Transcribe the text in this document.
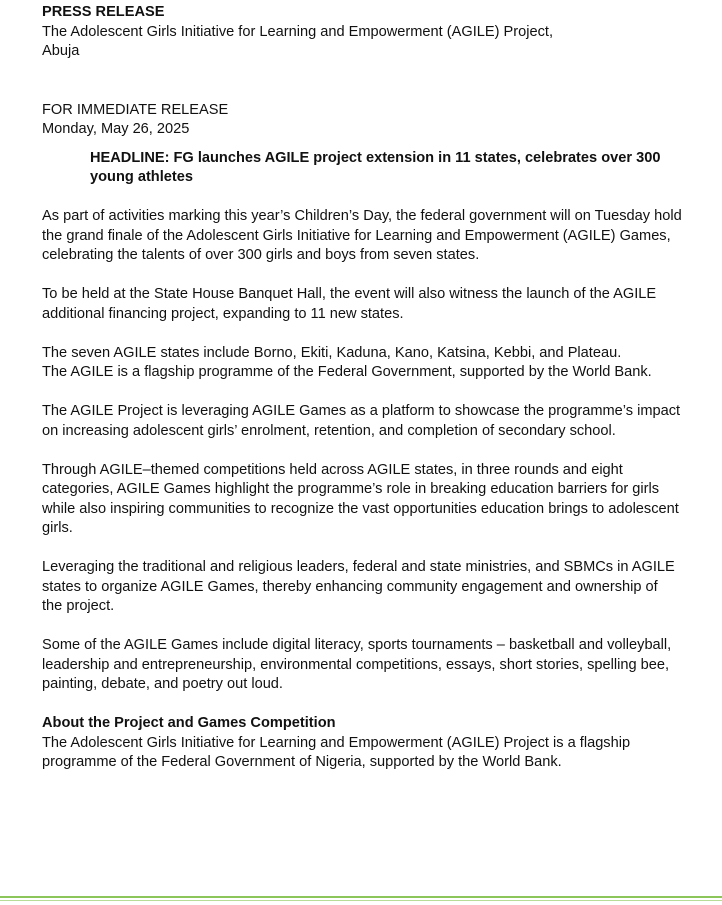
PRESS RELEASE
The Adolescent Girls Initiative for Learning and Empowerment (AGILE) Project,
Abuja
FOR IMMEDIATE RELEASE
Monday, May 26, 2025
HEADLINE: FG launches AGILE project extension in 11 states, celebrates over 300 young athletes

As part of activities marking this year’s Children’s Day, the federal government will on Tuesday hold the grand finale of the Adolescent Girls Initiative for Learning and Empowerment (AGILE) Games, celebrating the talents of over 300 girls and boys from seven states.

To be held at the State House Banquet Hall, the event will also witness the launch of the AGILE additional financing project, expanding to 11 new states.

The seven AGILE states include Borno, Ekiti, Kaduna, Kano, Katsina, Kebbi, and Plateau.
The AGILE is a flagship programme of the Federal Government, supported by the World Bank.

The AGILE Project is leveraging AGILE Games as a platform to showcase the programme’s impact on increasing adolescent girls’ enrolment, retention, and completion of secondary school.

Through AGILE–themed competitions held across AGILE states, in three rounds and eight categories, AGILE Games highlight the programme’s role in breaking education barriers for girls while also inspiring communities to recognize the vast opportunities education brings to adolescent girls.

Leveraging the traditional and religious leaders, federal and state ministries, and SBMCs in AGILE states to organize AGILE Games, thereby enhancing community engagement and ownership of the project.

Some of the AGILE Games include digital literacy, sports tournaments – basketball and volleyball, leadership and entrepreneurship, environmental competitions, essays, short stories, spelling bee, painting, debate, and poetry out loud.

About the Project and Games Competition
The Adolescent Girls Initiative for Learning and Empowerment (AGILE) Project is a flagship programme of the Federal Government of Nigeria, supported by the World Bank.
